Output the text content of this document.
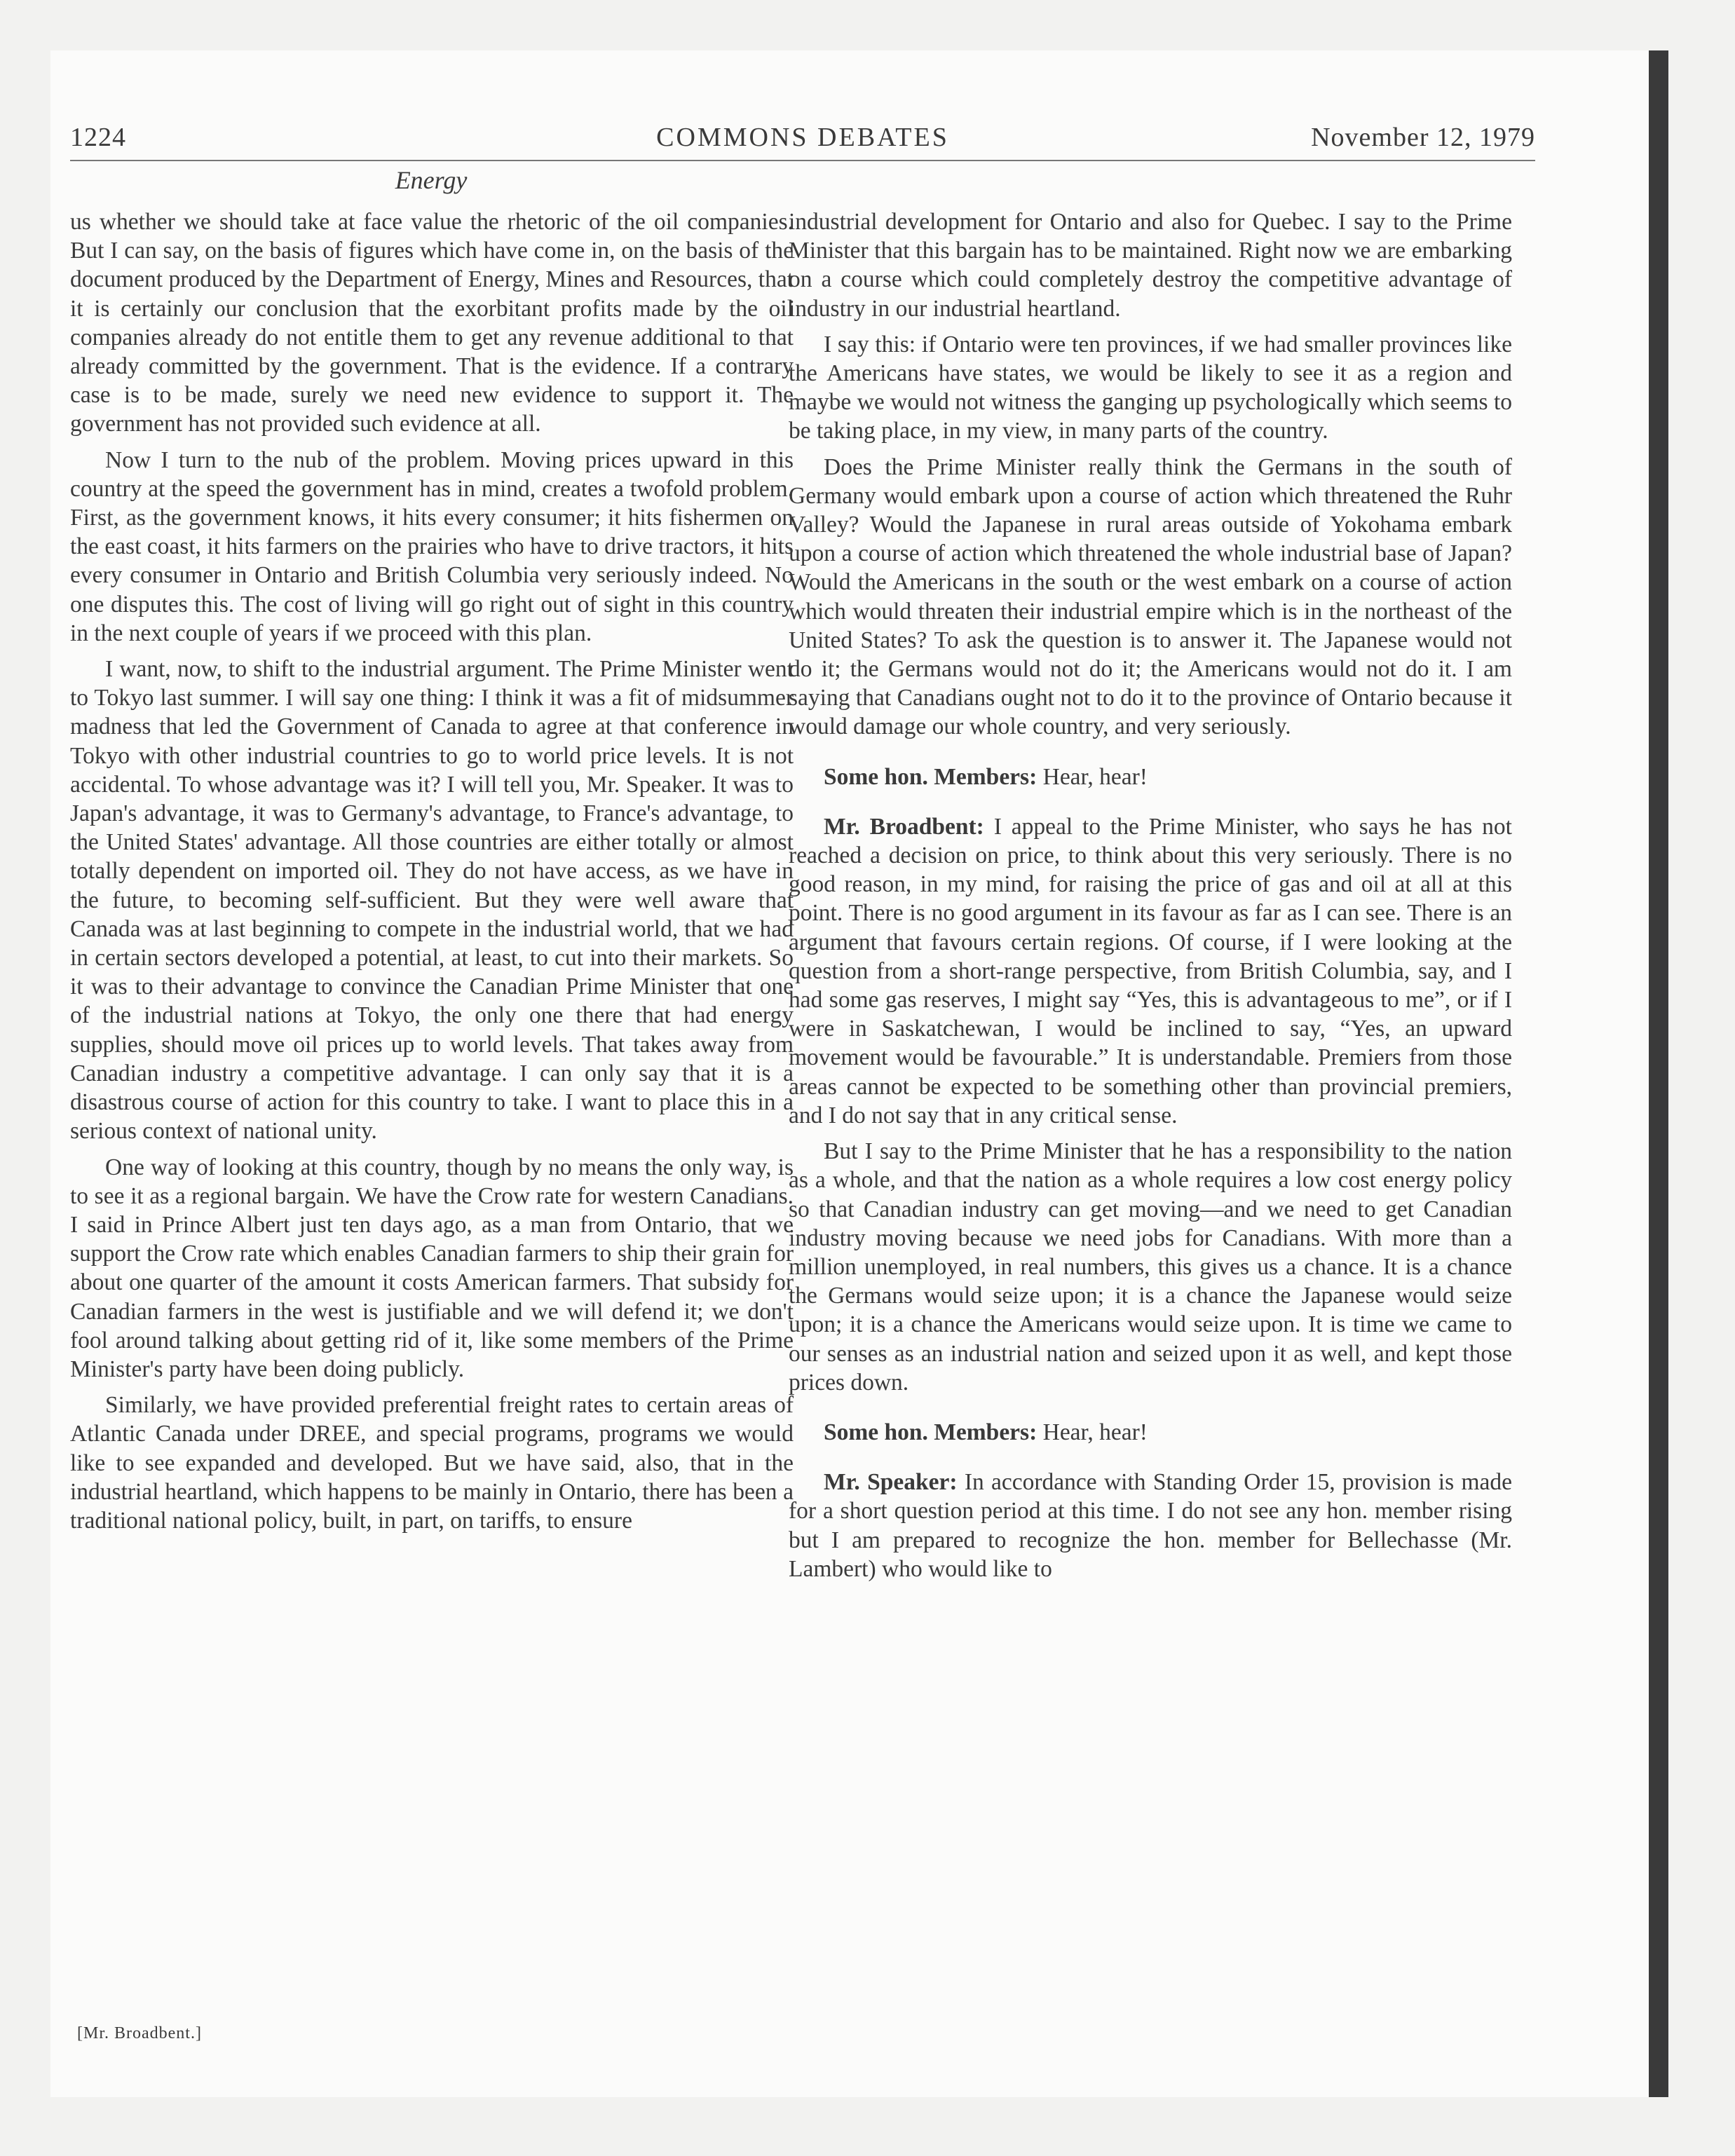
1224	COMMONS DEBATES	November 12, 1979
Energy

us whether we should take at face value the rhetoric of the oil companies. But I can say, on the basis of figures which have come in, on the basis of the document produced by the Department of Energy, Mines and Resources, that it is certainly our conclusion that the exorbitant profits made by the oil companies already do not entitle them to get any revenue additional to that already committed by the government. That is the evidence. If a contrary case is to be made, surely we need new evidence to support it. The government has not provided such evidence at all.

Now I turn to the nub of the problem. Moving prices upward in this country at the speed the government has in mind, creates a twofold problem. First, as the government knows, it hits every consumer; it hits fishermen on the east coast, it hits farmers on the prairies who have to drive tractors, it hits every consumer in Ontario and British Columbia very seriously indeed. No one disputes this. The cost of living will go right out of sight in this country in the next couple of years if we proceed with this plan.

I want, now, to shift to the industrial argument. The Prime Minister went to Tokyo last summer. I will say one thing: I think it was a fit of midsummer madness that led the Government of Canada to agree at that conference in Tokyo with other industrial countries to go to world price levels. It is not accidental. To whose advantage was it? I will tell you, Mr. Speaker. It was to Japan's advantage, it was to Germany's advantage, to France's advantage, to the United States' advantage. All those countries are either totally or almost totally dependent on imported oil. They do not have access, as we have in the future, to becoming self-sufficient. But they were well aware that Canada was at last beginning to compete in the industrial world, that we had in certain sectors developed a potential, at least, to cut into their markets. So it was to their advantage to convince the Canadian Prime Minister that one of the industrial nations at Tokyo, the only one there that had energy supplies, should move oil prices up to world levels. That takes away from Canadian industry a competitive advantage. I can only say that it is a disastrous course of action for this country to take. I want to place this in a serious context of national unity.

One way of looking at this country, though by no means the only way, is to see it as a regional bargain. We have the Crow rate for western Canadians. I said in Prince Albert just ten days ago, as a man from Ontario, that we support the Crow rate which enables Canadian farmers to ship their grain for about one quarter of the amount it costs American farmers. That subsidy for Canadian farmers in the west is justifiable and we will defend it; we don't fool around talking about getting rid of it, like some members of the Prime Minister's party have been doing publicly.

Similarly, we have provided preferential freight rates to certain areas of Atlantic Canada under DREE, and special programs, programs we would like to see expanded and developed. But we have said, also, that in the industrial heartland, which happens to be mainly in Ontario, there has been a traditional national policy, built, in part, on tariffs, to ensure

industrial development for Ontario and also for Quebec. I say to the Prime Minister that this bargain has to be maintained. Right now we are embarking on a course which could completely destroy the competitive advantage of industry in our industrial heartland.

I say this: if Ontario were ten provinces, if we had smaller provinces like the Americans have states, we would be likely to see it as a region and maybe we would not witness the ganging up psychologically which seems to be taking place, in my view, in many parts of the country.

Does the Prime Minister really think the Germans in the south of Germany would embark upon a course of action which threatened the Ruhr Valley? Would the Japanese in rural areas outside of Yokohama embark upon a course of action which threatened the whole industrial base of Japan? Would the Americans in the south or the west embark on a course of action which would threaten their industrial empire which is in the northeast of the United States? To ask the question is to answer it. The Japanese would not do it; the Germans would not do it; the Americans would not do it. I am saying that Canadians ought not to do it to the province of Ontario because it would damage our whole country, and very seriously.

Some hon. Members: Hear, hear!

Mr. Broadbent: I appeal to the Prime Minister, who says he has not reached a decision on price, to think about this very seriously. There is no good reason, in my mind, for raising the price of gas and oil at all at this point. There is no good argument in its favour as far as I can see. There is an argument that favours certain regions. Of course, if I were looking at the question from a short-range perspective, from British Columbia, say, and I had some gas reserves, I might say “Yes, this is advantageous to me”, or if I were in Saskatchewan, I would be inclined to say, “Yes, an upward movement would be favourable.” It is understandable. Premiers from those areas cannot be expected to be something other than provincial premiers, and I do not say that in any critical sense.

But I say to the Prime Minister that he has a responsibility to the nation as a whole, and that the nation as a whole requires a low cost energy policy so that Canadian industry can get moving—and we need to get Canadian industry moving because we need jobs for Canadians. With more than a million unemployed, in real numbers, this gives us a chance. It is a chance the Germans would seize upon; it is a chance the Japanese would seize upon; it is a chance the Americans would seize upon. It is time we came to our senses as an industrial nation and seized upon it as well, and kept those prices down.

Some hon. Members: Hear, hear!

Mr. Speaker: In accordance with Standing Order 15, provision is made for a short question period at this time. I do not see any hon. member rising but I am prepared to recognize the hon. member for Bellechasse (Mr. Lambert) who would like to

[Mr. Broadbent.]
